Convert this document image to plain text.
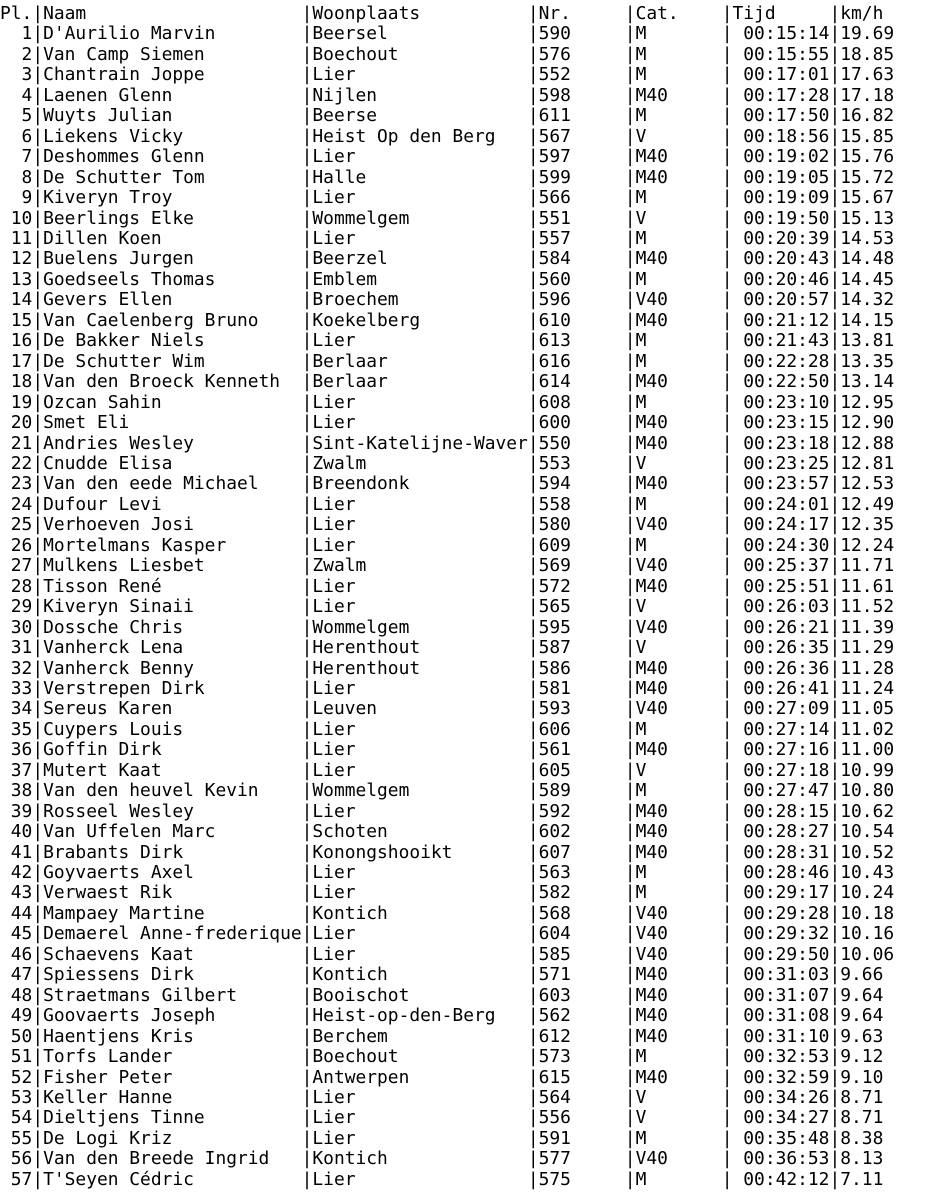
Pl.|Naam                    |Woonplaats          |Nr.     |Cat.    |Tijd     |km/h
1|D'Aurilio Marvin        |Beersel             |590     |M       | 00:15:14|19.69
2|Van Camp Siemen         |Boechout            |576     |M       | 00:15:55|18.85
3|Chantrain Joppe         |Lier                |552     |M       | 00:17:01|17.63
4|Laenen Glenn            |Nijlen              |598     |M40     | 00:17:28|17.18
5|Wuyts Julian            |Beerse              |611     |M       | 00:17:50|16.82
6|Liekens Vicky           |Heist Op den Berg   |567     |V       | 00:18:56|15.85
7|Deshommes Glenn         |Lier                |597     |M40     | 00:19:02|15.76
8|De Schutter Tom         |Halle               |599     |M40     | 00:19:05|15.72
9|Kiveryn Troy            |Lier                |566     |M       | 00:19:09|15.67
10|Beerlings Elke          |Wommelgem           |551     |V       | 00:19:50|15.13
11|Dillen Koen             |Lier                |557     |M       | 00:20:39|14.53
12|Buelens Jurgen          |Beerzel             |584     |M40     | 00:20:43|14.48
13|Goedseels Thomas        |Emblem              |560     |M       | 00:20:46|14.45
14|Gevers Ellen            |Broechem            |596     |V40     | 00:20:57|14.32
15|Van Caelenberg Bruno    |Koekelberg          |610     |M40     | 00:21:12|14.15
16|De Bakker Niels         |Lier                |613     |M       | 00:21:43|13.81
17|De Schutter Wim         |Berlaar             |616     |M       | 00:22:28|13.35
18|Van den Broeck Kenneth  |Berlaar             |614     |M40     | 00:22:50|13.14
19|Ozcan Sahin             |Lier                |608     |M       | 00:23:10|12.95
20|Smet Eli                |Lier                |600     |M40     | 00:23:15|12.90
21|Andries Wesley          |Sint-Katelijne-Waver|550     |M40     | 00:23:18|12.88
22|Cnudde Elisa            |Zwalm               |553     |V       | 00:23:25|12.81
23|Van den eede Michael    |Breendonk           |594     |M40     | 00:23:57|12.53
24|Dufour Levi             |Lier                |558     |M       | 00:24:01|12.49
25|Verhoeven Josi          |Lier                |580     |V40     | 00:24:17|12.35
26|Mortelmans Kasper       |Lier                |609     |M       | 00:24:30|12.24
27|Mulkens Liesbet         |Zwalm               |569     |V40     | 00:25:37|11.71
28|Tisson René             |Lier                |572     |M40     | 00:25:51|11.61
29|Kiveryn Sinaii          |Lier                |565     |V       | 00:26:03|11.52
30|Dossche Chris           |Wommelgem           |595     |V40     | 00:26:21|11.39
31|Vanherck Lena           |Herenthout          |587     |V       | 00:26:35|11.29
32|Vanherck Benny          |Herenthout          |586     |M40     | 00:26:36|11.28
33|Verstrepen Dirk         |Lier                |581     |M40     | 00:26:41|11.24
34|Sereus Karen            |Leuven              |593     |V40     | 00:27:09|11.05
35|Cuypers Louis           |Lier                |606     |M       | 00:27:14|11.02
36|Goffin Dirk             |Lier                |561     |M40     | 00:27:16|11.00
37|Mutert Kaat             |Lier                |605     |V       | 00:27:18|10.99
38|Van den heuvel Kevin    |Wommelgem           |589     |M       | 00:27:47|10.80
39|Rosseel Wesley          |Lier                |592     |M40     | 00:28:15|10.62
40|Van Uffelen Marc        |Schoten             |602     |M40     | 00:28:27|10.54
41|Brabants Dirk           |Konongshooikt       |607     |M40     | 00:28:31|10.52
42|Goyvaerts Axel          |Lier                |563     |M       | 00:28:46|10.43
43|Verwaest Rik            |Lier                |582     |M       | 00:29:17|10.24
44|Mampaey Martine         |Kontich             |568     |V40     | 00:29:28|10.18
45|Demaerel Anne-frederique|Lier                |604     |V40     | 00:29:32|10.16
46|Schaevens Kaat          |Lier                |585     |V40     | 00:29:50|10.06
47|Spiessens Dirk          |Kontich             |571     |M40     | 00:31:03|9.66
48|Straetmans Gilbert      |Booischot           |603     |M40     | 00:31:07|9.64
49|Goovaerts Joseph        |Heist-op-den-Berg   |562     |M40     | 00:31:08|9.64
50|Haentjens Kris          |Berchem             |612     |M40     | 00:31:10|9.63
51|Torfs Lander            |Boechout            |573     |M       | 00:32:53|9.12
52|Fisher Peter            |Antwerpen           |615     |M40     | 00:32:59|9.10
53|Keller Hanne            |Lier                |564     |V       | 00:34:26|8.71
54|Dieltjens Tinne         |Lier                |556     |V       | 00:34:27|8.71
55|De Logi Kriz            |Lier                |591     |M       | 00:35:48|8.38
56|Van den Breede Ingrid   |Kontich             |577     |V40     | 00:36:53|8.13
57|T'Seyen Cédric          |Lier                |575     |M       | 00:42:12|7.11
